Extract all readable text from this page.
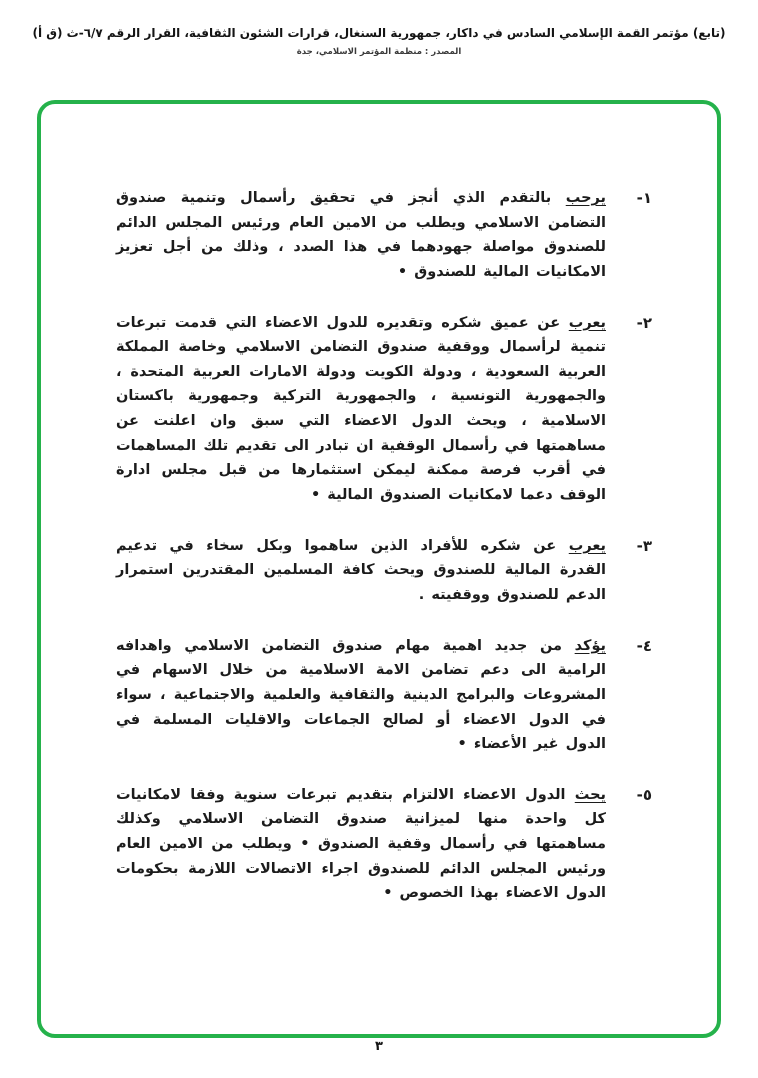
(تابع) مؤتمر القمة الإسلامي السادس في داكار، جمهورية السنغال، قرارات الشئون الثقافية، القرار الرقم ٦/٧-ث (ق أ)
المصدر : منظمة المؤتمر الاسلامي، جدة
١-
يرحب بالتقدم الذي أنجز في تحقيق رأسمال وتنمية صندوق التضامن الاسلامي ويطلب من الامين العام ورئيس المجلس الدائم للصندوق مواصلة جهودهما في هذا الصدد ، وذلك من أجل تعزيز الامكانيات المالية للصندوق •
٢-
يعرب عن عميق شكره وتقديره للدول الاعضاء التي قدمت تبرعات تنمية لرأسمال ووقفية صندوق التضامن الاسلامي وخاصة المملكة العربية السعودية ، ودولة الكويت ودولة الامارات العربية المتحدة ، والجمهورية التونسية ، والجمهورية التركية وجمهورية باكستان الاسلامية ، ويحث الدول الاعضاء التي سبق وان اعلنت عن مساهمتها في رأسمال الوقفية ان تبادر الى تقديم تلك المساهمات في أقرب فرصة ممكنة ليمكن استثمارها من قبل مجلس ادارة الوقف دعما لامكانيات الصندوق المالية •
٣-
يعرب عن شكره للأفراد الذين ساهموا وبكل سخاء في تدعيم القدرة المالية للصندوق ويحث كافة المسلمين المقتدرين استمرار الدعم للصندوق ووقفيته .
٤-
يؤكد من جديد اهمية مهام صندوق التضامن الاسلامي واهدافه الرامية الى دعم تضامن الامة الاسلامية من خلال الاسهام في المشروعات والبرامج الدينية والثقافية والعلمية والاجتماعية ، سواء في الدول الاعضاء أو لصالح الجماعات والاقليات المسلمة في الدول غير الأعضاء •
٥-
يحث الدول الاعضاء الالتزام بتقديم تبرعات سنوية وفقا لامكانيات كل واحدة منها لميزانية صندوق التضامن الاسلامي وكذلك مساهمتها في رأسمال وقفية الصندوق • ويطلب من الامين العام ورئيس المجلس الدائم للصندوق اجراء الاتصالات اللازمة بحكومات الدول الاعضاء بهذا الخصوص •
٣
